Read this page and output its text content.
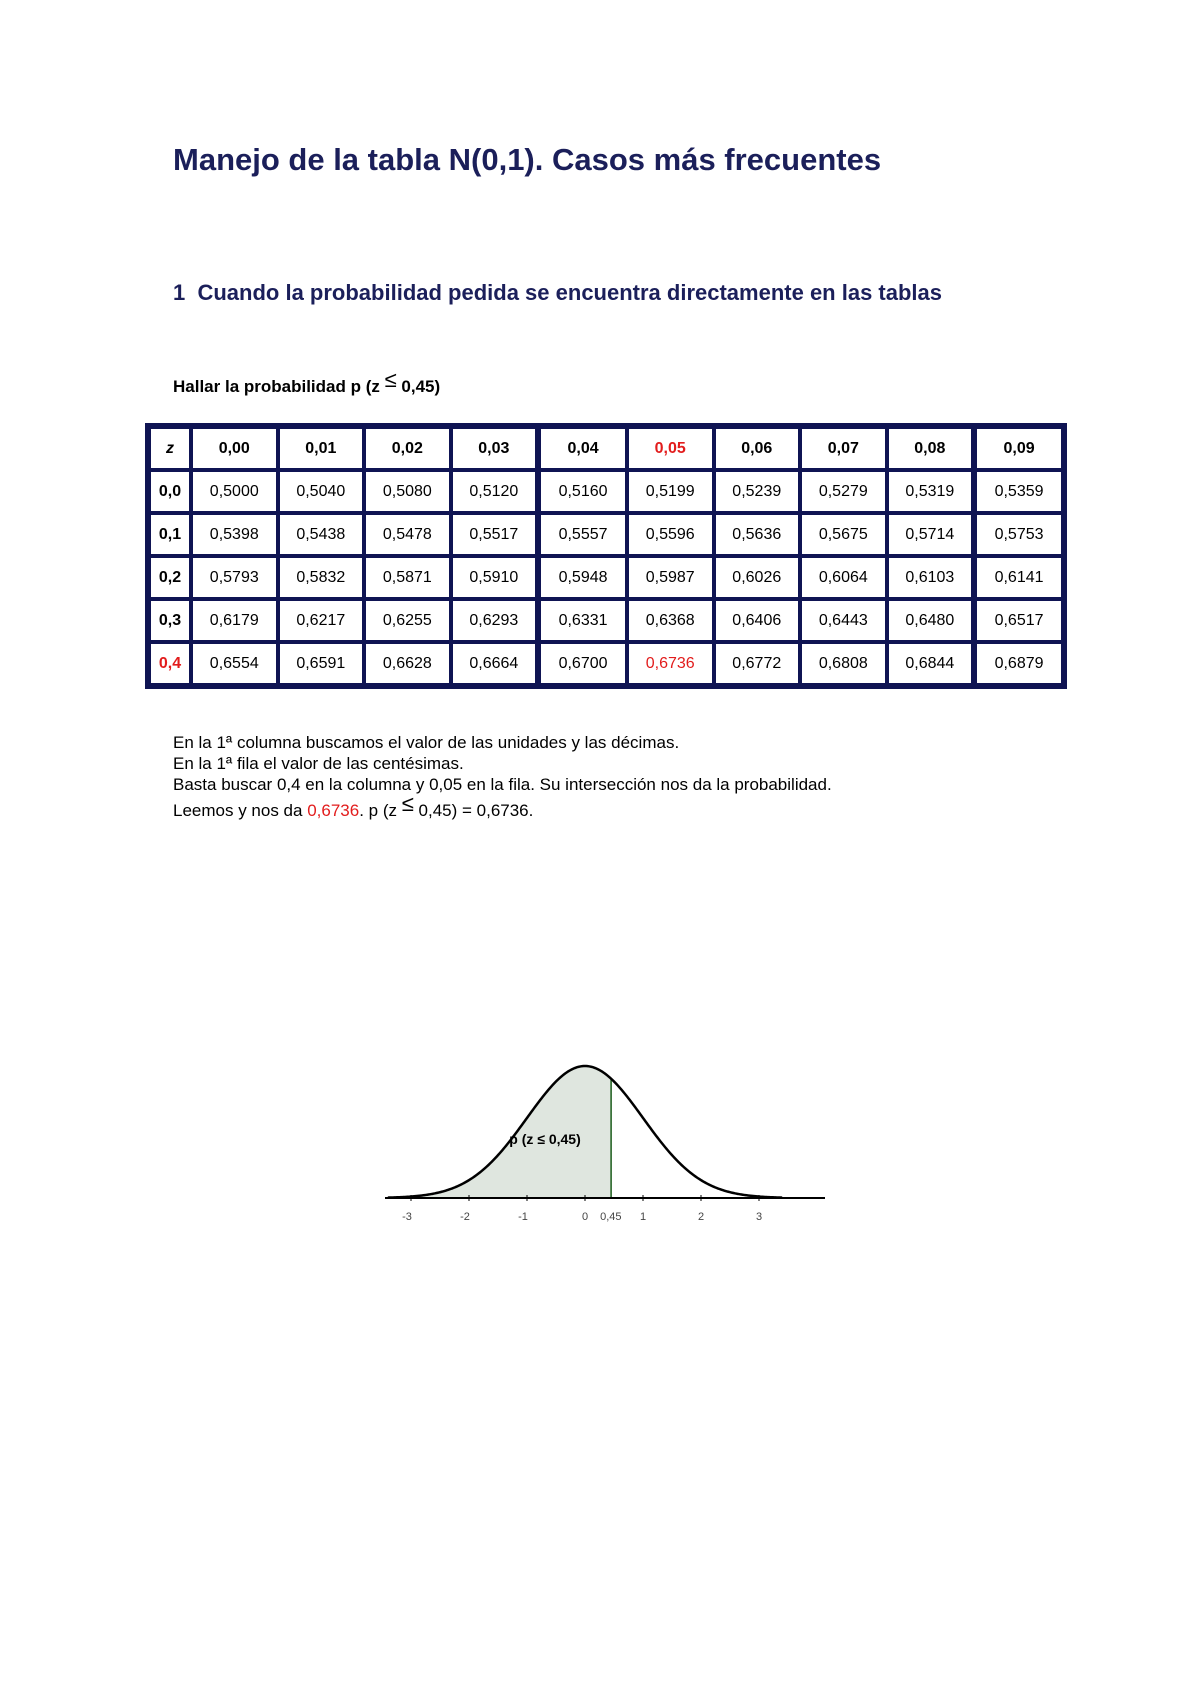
Manejo de la tabla N(0,1). Casos más frecuentes
1 Cuando la probabilidad pedida se encuentra directamente en las tablas

Hallar la probabilidad p (z ≤ 0,45)

z	0,00	0,01	0,02	0,03	0,04	0,05	0,06	0,07	0,08	0,09
0,0	0,5000	0,5040	0,5080	0,5120	0,5160	0,5199	0,5239	0,5279	0,5319	0,5359
0,1	0,5398	0,5438	0,5478	0,5517	0,5557	0,5596	0,5636	0,5675	0,5714	0,5753
0,2	0,5793	0,5832	0,5871	0,5910	0,5948	0,5987	0,6026	0,6064	0,6103	0,6141
0,3	0,6179	0,6217	0,6255	0,6293	0,6331	0,6368	0,6406	0,6443	0,6480	0,6517
0,4	0,6554	0,6591	0,6628	0,6664	0,6700	0,6736	0,6772	0,6808	0,6844	0,6879

En la 1ª columna buscamos el valor de las unidades y las décimas.

En la 1ª fila el valor de las centésimas.

Basta buscar 0,4 en la columna y 0,05 en la fila. Su intersección nos da la probabilidad.

Leemos y nos da 0,6736. p (z ≤ 0,45) = 0,6736.

-3	-2	-1	0	1	2	3
p (z ≤ 0,45)
0,45
